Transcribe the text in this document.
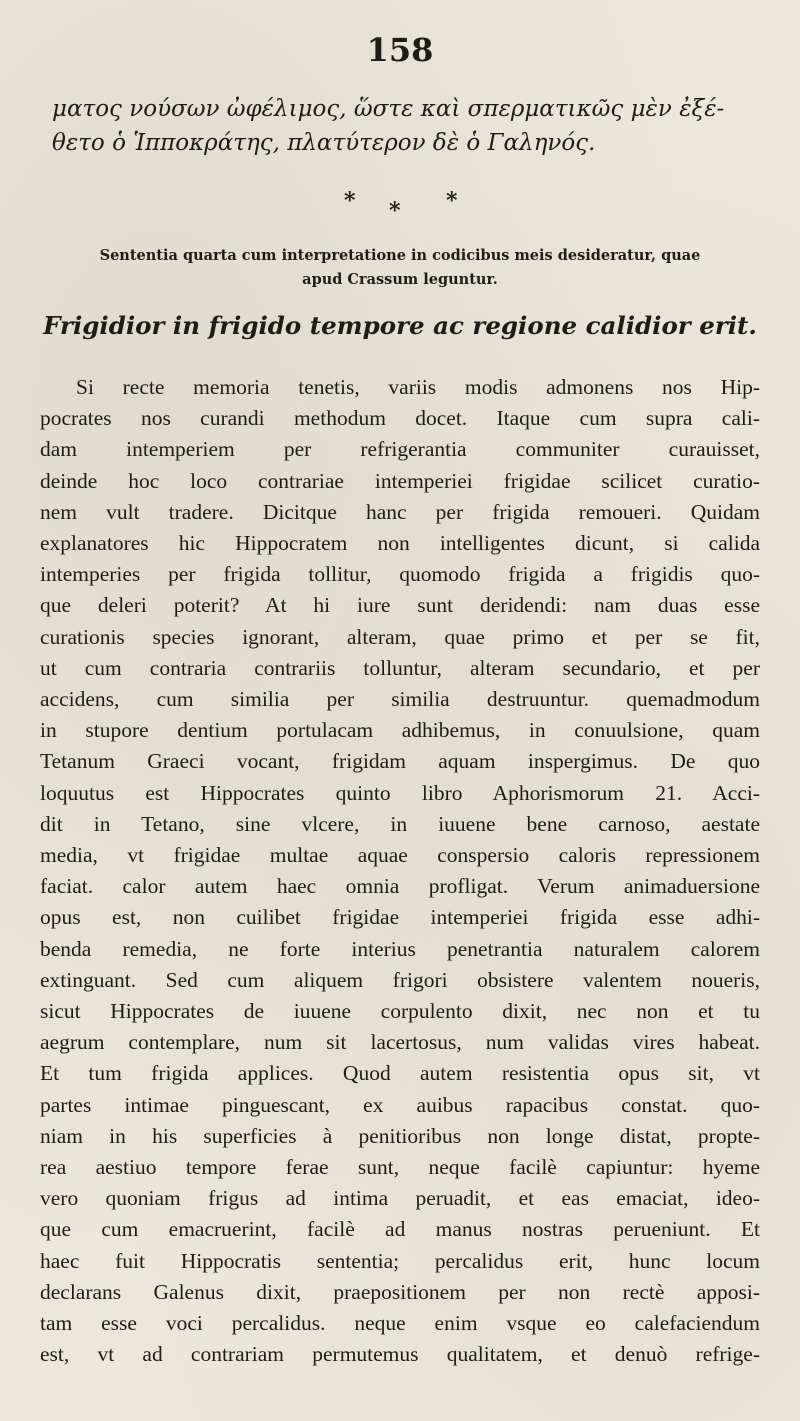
158
ματος νούσων ὠφέλιμος, ὥστε καὶ σπερματικῶς μὲν ἐξέ-
θετο ὁ Ἱπποκράτης, πλατύτερον δὲ ὁ Γαληνός.
* * *
Sententia quarta cum interpretatione in codicibus meis desideratur, quae
apud Crassum leguntur.
Frigidior in frigido tempore ac regione calidior erit.
Si recte memoria tenetis, variis modis admonens nos Hip-
pocrates nos curandi methodum docet. Itaque cum supra cali-
dam intemperiem per refrigerantia communiter curauisset,
deinde hoc loco contrariae intemperiei frigidae scilicet curatio-
nem vult tradere. Dicitque hanc per frigida remoueri. Quidam
explanatores hic Hippocratem non intelligentes dicunt, si calida
intemperies per frigida tollitur, quomodo frigida a frigidis quo-
que deleri poterit? At hi iure sunt deridendi: nam duas esse
curationis species ignorant, alteram, quae primo et per se fit,
ut cum contraria contrariis tolluntur, alteram secundario, et per
accidens, cum similia per similia destruuntur. quemadmodum
in stupore dentium portulacam adhibemus, in conuulsione, quam
Tetanum Graeci vocant, frigidam aquam inspergimus. De quo
loquutus est Hippocrates quinto libro Aphorismorum 21. Acci-
dit in Tetano, sine vlcere, in iuuene bene carnoso, aestate
media, vt frigidae multae aquae conspersio caloris repressionem
faciat. calor autem haec omnia profligat. Verum animaduersione
opus est, non cuilibet frigidae intemperiei frigida esse adhi-
benda remedia, ne forte interius penetrantia naturalem calorem
extinguant. Sed cum aliquem frigori obsistere valentem noueris,
sicut Hippocrates de iuuene corpulento dixit, nec non et tu
aegrum contemplare, num sit lacertosus, num validas vires habeat.
Et tum frigida applices. Quod autem resistentia opus sit, vt
partes intimae pinguescant, ex auibus rapacibus constat. quo-
niam in his superficies à penitioribus non longe distat, propte-
rea aestiuo tempore ferae sunt, neque facilè capiuntur: hyeme
vero quoniam frigus ad intima peruadit, et eas emaciat, ideo-
que cum emacruerint, facilè ad manus nostras perueniunt. Et
haec fuit Hippocratis sententia; percalidus erit, hunc locum
declarans Galenus dixit, praepositionem per non rectè apposi-
tam esse voci percalidus. neque enim vsque eo calefaciendum
est, vt ad contrariam permutemus qualitatem, et denuò refrige-
